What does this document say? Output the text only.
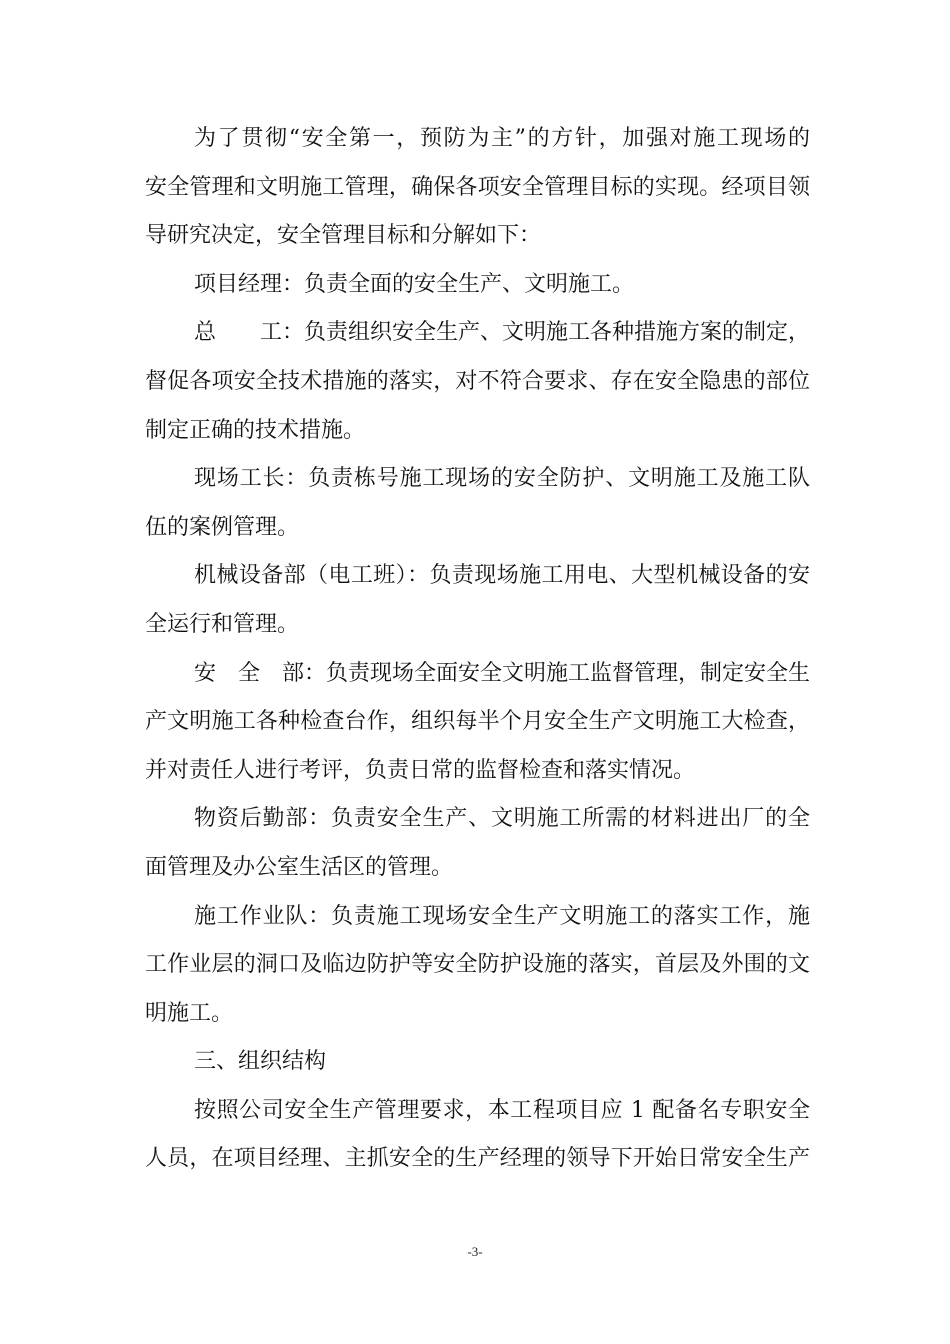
为了贯彻“安全第一，预防为主”的方针，加强对施工现场的
安全管理和文明施工管理，确保各项安全管理目标的实现。经项目领
导研究决定，安全管理目标和分解如下：
项目经理：负责全面的安全生产、文明施工。
总　　工：负责组织安全生产、文明施工各种措施方案的制定，
督促各项安全技术措施的落实，对不符合要求、存在安全隐患的部位
制定正确的技术措施。
现场工长：负责栋号施工现场的安全防护、文明施工及施工队
伍的案例管理。
机械设备部（电工班）：负责现场施工用电、大型机械设备的安
全运行和管理。
安　全　部：负责现场全面安全文明施工监督管理，制定安全生
产文明施工各种检查台作，组织每半个月安全生产文明施工大检查，
并对责任人进行考评，负责日常的监督检查和落实情况。
物资后勤部：负责安全生产、文明施工所需的材料进出厂的全
面管理及办公室生活区的管理。
施工作业队：负责施工现场安全生产文明施工的落实工作，施
工作业层的洞口及临边防护等安全防护设施的落实，首层及外围的文
明施工。
三、组织结构
按照公司安全生产管理要求，本工程项目应 1 配备名专职安全
人员，在项目经理、主抓安全的生产经理的领导下开始日常安全生产
-3-
